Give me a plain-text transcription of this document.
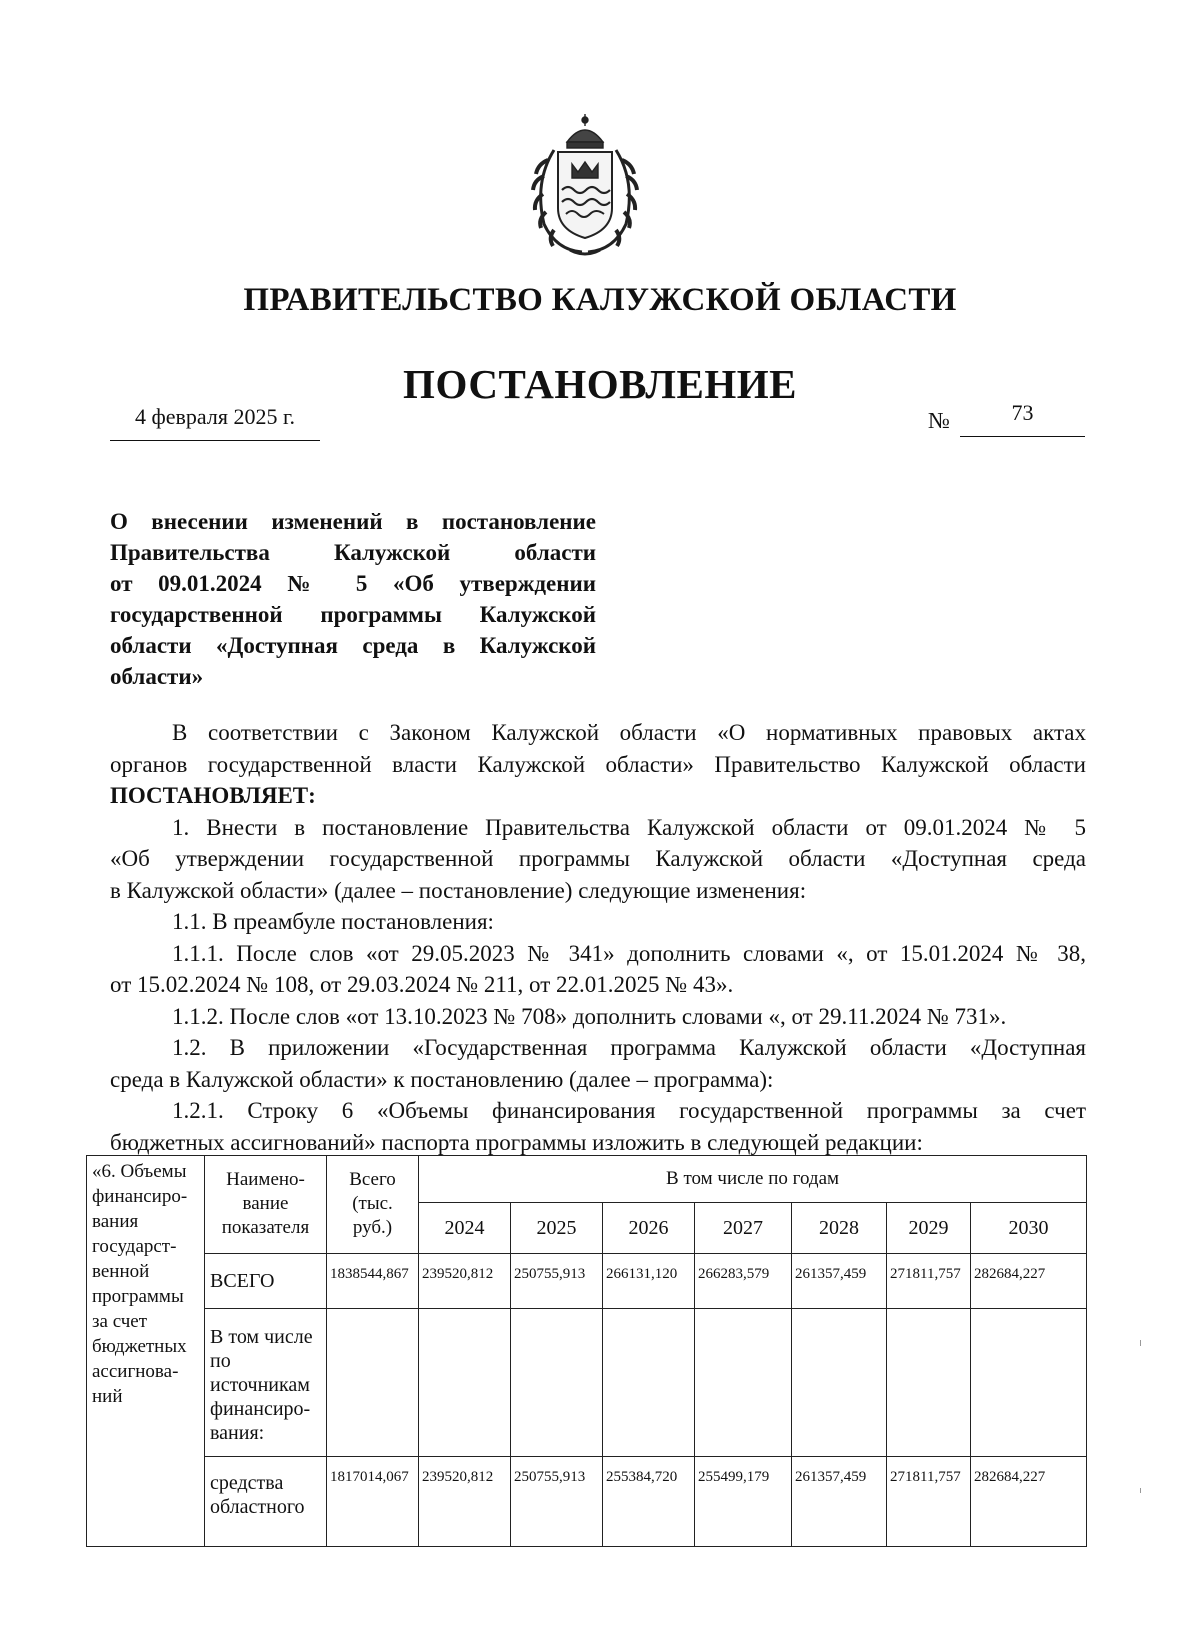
ПРАВИТЕЛЬСТВО КАЛУЖСКОЙ ОБЛАСТИ
ПОСТАНОВЛЕНИЕ
4 февраля 2025 г.	№	73
О внесении изменений в постановление
Правительства Калужской области
от 09.01.2024 № 5 «Об утверждении
государственной программы Калужской
области «Доступная среда в Калужской
области»
В соответствии с Законом Калужской области «О нормативных правовых актах
органов государственной власти Калужской области» Правительство Калужской области
ПОСТАНОВЛЯЕТ:
1. Внести в постановление Правительства Калужской области от 09.01.2024 № 5
«Об утверждении государственной программы Калужской области «Доступная среда
в Калужской области» (далее – постановление) следующие изменения:
1.1. В преамбуле постановления:
1.1.1. После слов «от 29.05.2023 № 341» дополнить словами «, от 15.01.2024 № 38,
от 15.02.2024 № 108, от 29.03.2024 № 211, от 22.01.2025 № 43».
1.1.2. После слов «от 13.10.2023 № 708» дополнить словами «, от 29.11.2024 № 731».
1.2. В приложении «Государственная программа Калужской области «Доступная
среда в Калужской области» к постановлению (далее – программа):
1.2.1. Строку 6 «Объемы финансирования государственной программы за счет
бюджетных ассигнований» паспорта программы изложить в следующей редакции:
«6. Объемы финансиро-вания государст-венной программы за счет бюджетных ассигнова-ний	Наимено-вание показателя	Всего (тыс. руб.)	В том числе по годам						
			2024	2025	2026	2027	2028	2029	2030
	ВСЕГО	1838544,867	239520,812	250755,913	266131,120	266283,579	261357,459	271811,757	282684,227
	В том числе по источникам финансиро-вания:								
	средства областного	1817014,067	239520,812	250755,913	255384,720	255499,179	261357,459	271811,757	282684,227
